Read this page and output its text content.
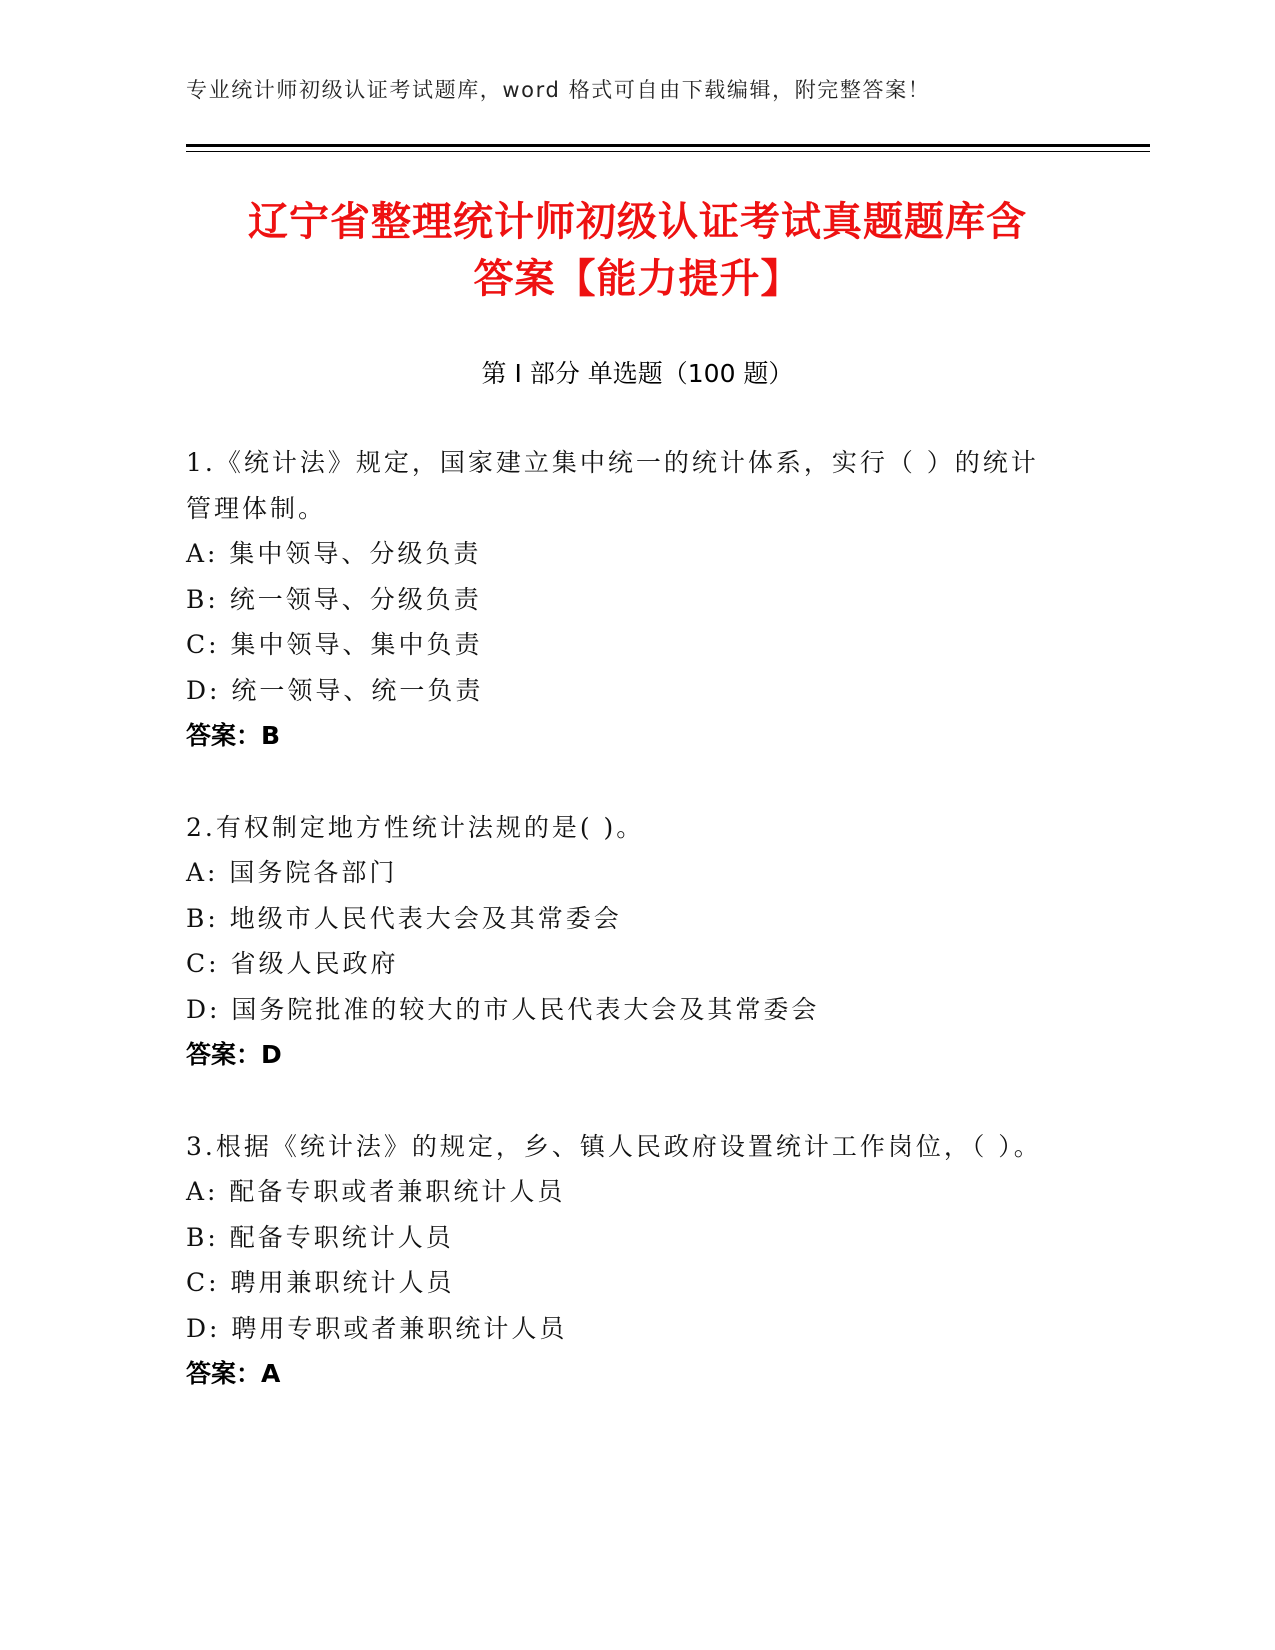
专业统计师初级认证考试题库，word 格式可自由下载编辑，附完整答案！
辽宁省整理统计师初级认证考试真题题库含
答案【能力提升】
第 I 部分 单选题（100 题）
1.《统计法》规定，国家建立集中统一的统计体系，实行（ ）的统计管理体制。
A: 集中领导、分级负责
B: 统一领导、分级负责
C: 集中领导、集中负责
D: 统一领导、统一负责
答案：B
2.有权制定地方性统计法规的是( )。
A: 国务院各部门
B: 地级市人民代表大会及其常委会
C: 省级人民政府
D: 国务院批准的较大的市人民代表大会及其常委会
答案：D
3.根据《统计法》的规定，乡、镇人民政府设置统计工作岗位，（ ）。
A: 配备专职或者兼职统计人员
B: 配备专职统计人员
C: 聘用兼职统计人员
D: 聘用专职或者兼职统计人员
答案：A
